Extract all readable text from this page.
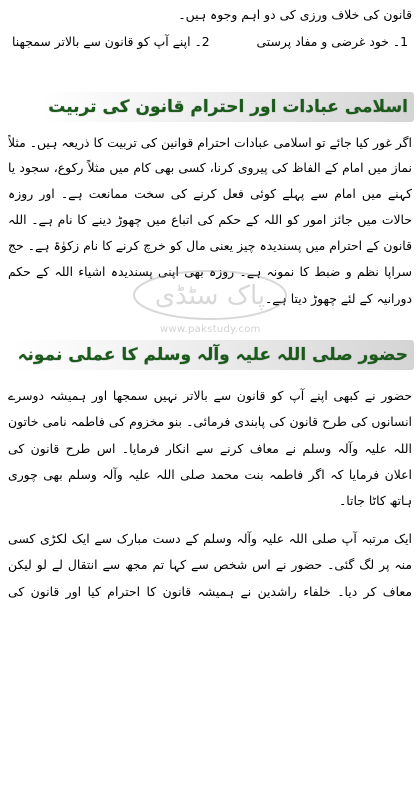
قانون کی خلاف ورزی کی دو اہم وجوہ ہیں۔

1۔ خود غرضی و مفاد پرستی
2۔ اپنے آپ کو قانون سے بالاتر سمجھنا
اسلامی عبادات اور احترام قانون کی تربیت

اگر غور کیا جائے تو اسلامی عبادات احترام قوانین کی تربیت کا ذریعہ ہیں۔ مثلاً

نماز میں امام کے الفاظ کی پیروی کرنا، کسی بھی کام میں مثلاً رکوع، سجود یا

کہنے میں امام سے پہلے کوئی فعل کرنے کی سخت ممانعت ہے۔ اور روزہ

حالات میں جائز امور کو اللہ کے حکم کی اتباع میں چھوڑ دینے کا نام ہے۔ اللہ

قانون کے احترام میں پسندیدہ چیز یعنی مال کو خرچ کرنے کا نام زکوٰۃ ہے۔ حج

سراپا نظم و ضبط کا نمونہ ہے۔ روزہ بھی اپنی پسندیدہ اشیاء اللہ کے حکم

دورانیہ کے لئے چھوڑ دیتا ہے۔

حضور صلی اللہ علیہ وآلہ وسلم کا عملی نمونہ

حضور نے کبھی اپنے آپ کو قانون سے بالاتر نہیں سمجھا اور ہمیشہ دوسرے

انسانوں کی طرح قانون کی پابندی فرمائی۔ بنو مخزوم کی فاطمہ نامی خاتون

اللہ علیہ وآلہ وسلم نے معاف کرنے سے انکار فرمایا۔ اس طرح قانون کی

اعلان فرمایا کہ اگر فاطمہ بنت محمد صلی اللہ علیہ وآلہ وسلم بھی چوری

ہاتھ کاٹا جاتا۔

ایک مرتبہ آپ صلی اللہ علیہ وآلہ وسلم کے دست مبارک سے ایک لکڑی کسی

منہ پر لگ گئی۔ حضور نے اس شخص سے کہا تم مجھ سے انتقال لے لو لیکن

معاف کر دیا۔ خلفاء راشدین نے ہمیشہ قانون کا احترام کیا اور قانون کی

پاک سٹڈی
www.pakstudy.com
